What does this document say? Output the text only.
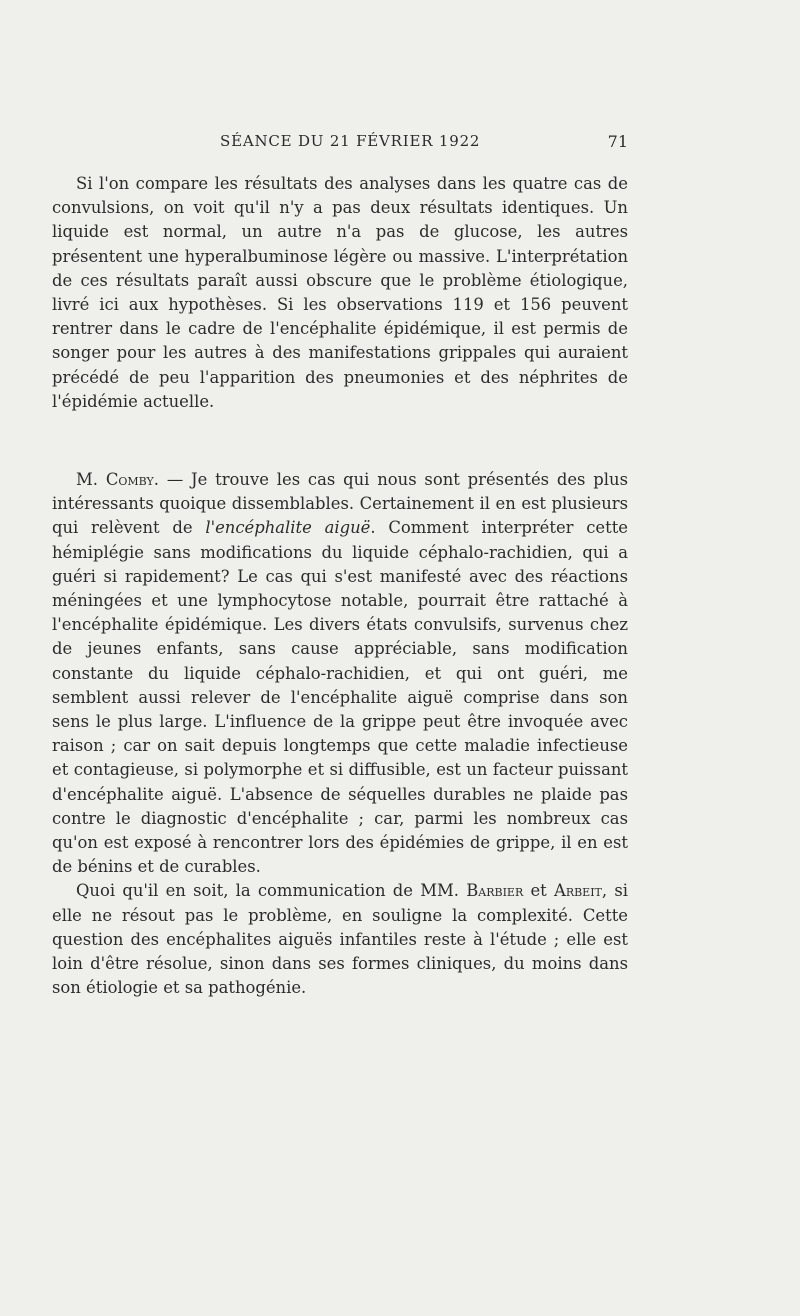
SÉANCE DU 21 FÉVRIER 1922	71

Si l'on compare les résultats des analyses dans les quatre cas de convulsions, on voit qu'il n'y a pas deux résultats identiques. Un liquide est normal, un autre n'a pas de glucose, les autres présentent une hyperalbuminose légère ou massive. L'interprétation de ces résultats paraît aussi obscure que le problème étiologique, livré ici aux hypothèses. Si les observations 119 et 156 peuvent rentrer dans le cadre de l'encéphalite épidémique, il est permis de songer pour les autres à des manifestations grippales qui auraient précédé de peu l'apparition des pneumonies et des néphrites de l'épidémie actuelle.

M. Comby. — Je trouve les cas qui nous sont présentés des plus intéressants quoique dissemblables. Certainement il en est plusieurs qui relèvent de l'encéphalite aiguë. Comment interpréter cette hémiplégie sans modifications du liquide céphalo-rachidien, qui a guéri si rapidement? Le cas qui s'est manifesté avec des réactions méningées et une lymphocytose notable, pourrait être rattaché à l'encéphalite épidémique. Les divers états convulsifs, survenus chez de jeunes enfants, sans cause appréciable, sans modification constante du liquide céphalo-rachidien, et qui ont guéri, me semblent aussi relever de l'encéphalite aiguë comprise dans son sens le plus large. L'influence de la grippe peut être invoquée avec raison ; car on sait depuis longtemps que cette maladie infectieuse et contagieuse, si polymorphe et si diffusible, est un facteur puissant d'encéphalite aiguë. L'absence de séquelles durables ne plaide pas contre le diagnostic d'encéphalite ; car, parmi les nombreux cas qu'on est exposé à rencontrer lors des épidémies de grippe, il en est de bénins et de curables.

Quoi qu'il en soit, la communication de MM. Barbier et Arbeit, si elle ne résout pas le problème, en souligne la complexité. Cette question des encéphalites aiguës infantiles reste à l'étude ; elle est loin d'être résolue, sinon dans ses formes cliniques, du moins dans son étiologie et sa pathogénie.
